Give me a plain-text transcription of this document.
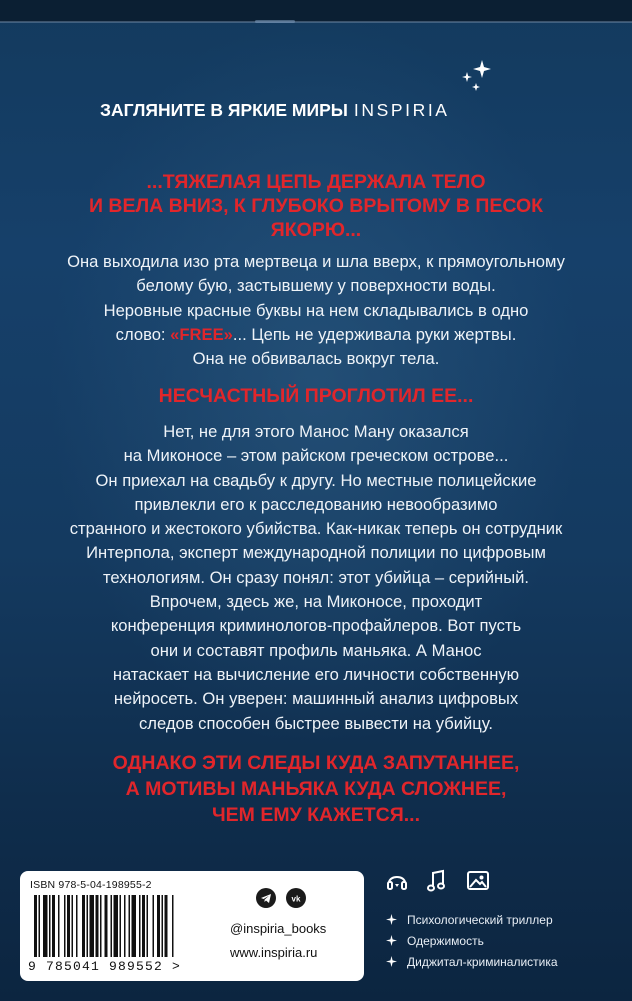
ЗАГЛЯНИТЕ В ЯРКИЕ МИРЫ INSPIRIA
...ТЯЖЕЛАЯ ЦЕПЬ ДЕРЖАЛА ТЕЛО
И ВЕЛА ВНИЗ, К ГЛУБОКО ВРЫТОМУ В ПЕСОК
ЯКОРЮ...
Она выходила изо рта мертвеца и шла вверх, к прямоугольному
белому бую, застывшему у поверхности воды.
Неровные красные буквы на нем складывались в одно
слово: «FREE»... Цепь не удерживала руки жертвы.
Она не обвивалась вокруг тела.
НЕСЧАСТНЫЙ ПРОГЛОТИЛ ЕЕ...
Нет, не для этого Манос Ману оказался
на Миконосе – этом райском греческом острове...
Он приехал на свадьбу к другу. Но местные полицейские
привлекли его к расследованию невообразимо
странного и жестокого убийства. Как-никак теперь он сотрудник
Интерпола, эксперт международной полиции по цифровым
технологиям. Он сразу понял: этот убийца – серийный.
Впрочем, здесь же, на Миконосе, проходит
конференция криминологов-профайлеров. Вот пусть
они и составят профиль маньяка. А Манос
натаскает на вычисление его личности собственную
нейросеть. Он уверен: машинный анализ цифровых
следов способен быстрее вывести на убийцу.
ОДНАКО ЭТИ СЛЕДЫ КУДА ЗАПУТАННЕЕ,
А МОТИВЫ МАНЬЯКА КУДА СЛОЖНЕЕ,
ЧЕМ ЕМУ КАЖЕТСЯ...
ISBN 978-5-04-198955-2
9 785041 989552 >

vk
@inspiria_books
www.inspiria.ru
Психологический триллер
Одержимость
Диджитал-криминалистика
